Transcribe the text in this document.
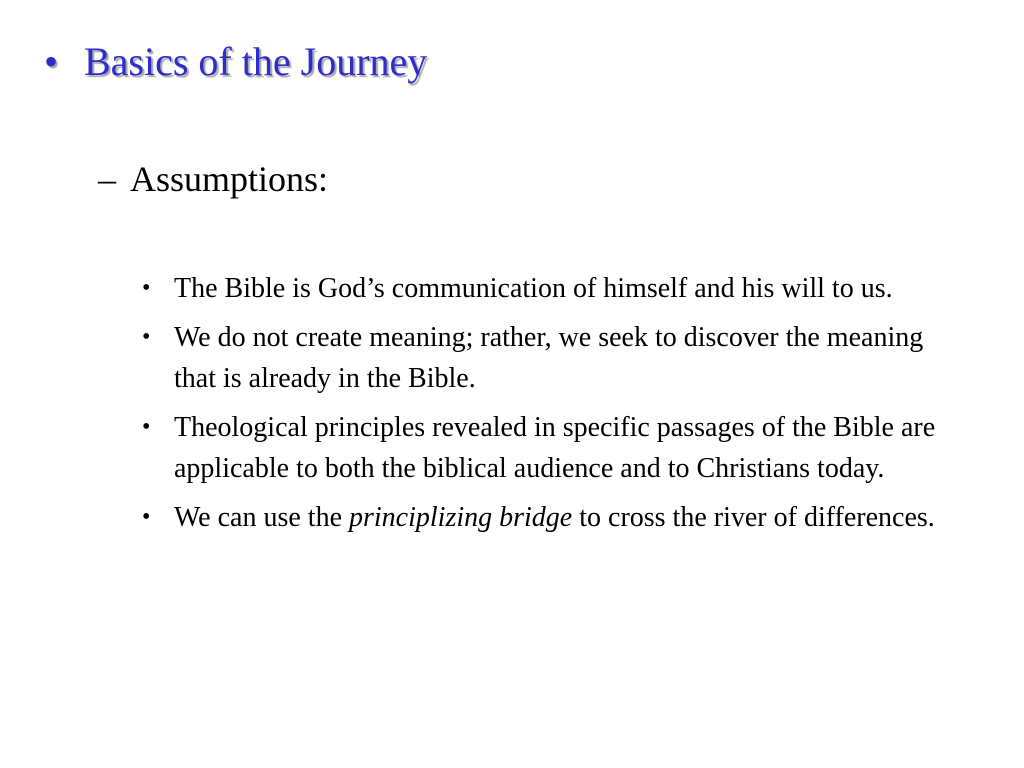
• Basics of the Journey
– Assumptions:
• The Bible is God’s communication of himself and his will to us.
• We do not create meaning; rather, we seek to discover the meaning that is already in the Bible.
• Theological principles revealed in specific passages of the Bible are applicable to both the biblical audience and to Christians today.
• We can use the principlizing bridge to cross the river of differences.
